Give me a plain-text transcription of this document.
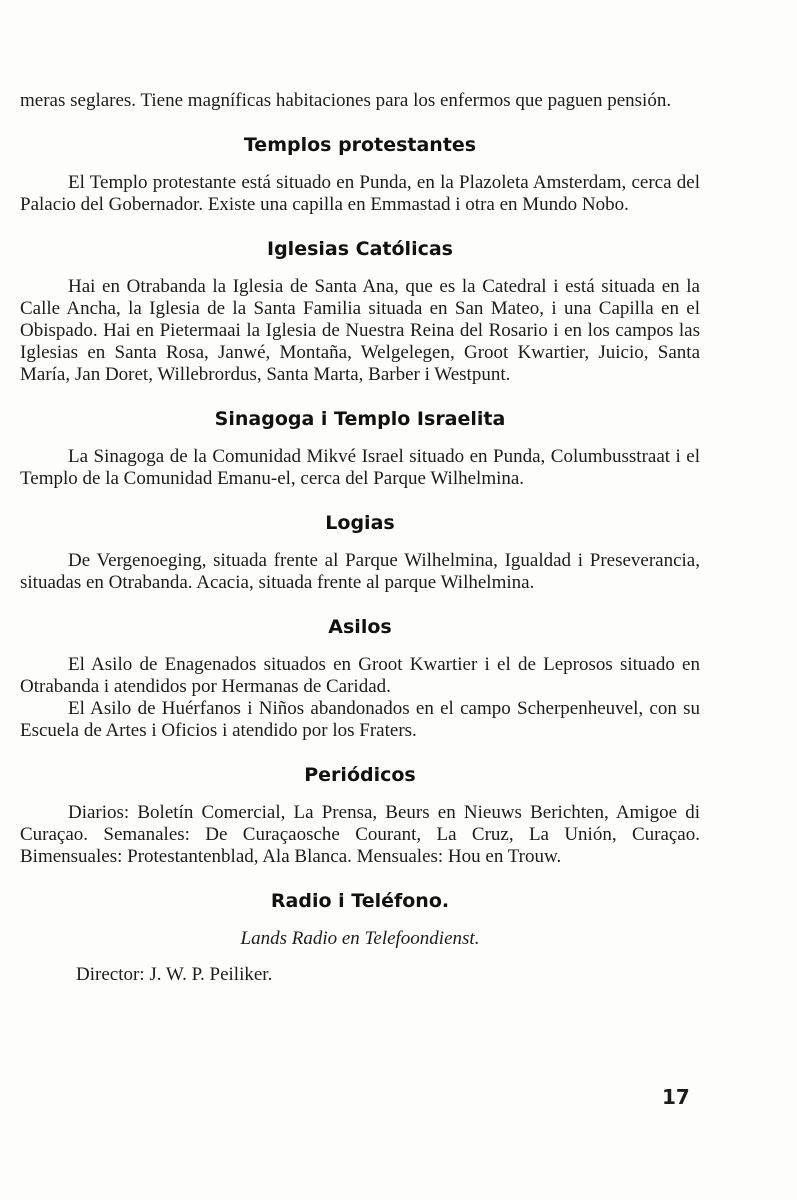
meras seglares. Tiene magníficas habitaciones para los enfermos que paguen pensión.

Templos protestantes

El Templo protestante está situado en Punda, en la Plazoleta Amsterdam, cerca del Palacio del Gobernador. Existe una capilla en Emmastad i otra en Mundo Nobo.

Iglesias Católicas

Hai en Otrabanda la Iglesia de Santa Ana, que es la Catedral i está situada en la Calle Ancha, la Iglesia de la Santa Familia situada en San Mateo, i una Capilla en el Obispado. Hai en Pietermaai la Iglesia de Nuestra Reina del Rosario i en los campos las Iglesias en Santa Rosa, Janwé, Montaña, Welgelegen, Groot Kwartier, Juicio, Santa María, Jan Doret, Willebrordus, Santa Marta, Barber i Westpunt.

Sinagoga i Templo Israelita

La Sinagoga de la Comunidad Mikvé Israel situado en Punda, Columbusstraat i el Templo de la Comunidad Emanu-el, cerca del Parque Wilhelmina.

Logias

De Vergenoeging, situada frente al Parque Wilhelmina, Igualdad i Preseverancia, situadas en Otrabanda. Acacia, situada frente al parque Wilhelmina.

Asilos

El Asilo de Enagenados situados en Groot Kwartier i el de Leprosos situado en Otrabanda i atendidos por Hermanas de Caridad.

El Asilo de Huérfanos i Niños abandonados en el campo Scherpenheuvel, con su Escuela de Artes i Oficios i atendido por los Fraters.

Periódicos

Diarios: Boletín Comercial, La Prensa, Beurs en Nieuws Berichten, Amigoe di Curaçao. Semanales: De Curaçaosche Courant, La Cruz, La Unión, Curaçao. Bimensuales: Protestantenblad, Ala Blanca. Mensuales: Hou en Trouw.

Radio i Teléfono.
Lands Radio en Telefoondienst.
Director: J. W. P. Peiliker.
17
